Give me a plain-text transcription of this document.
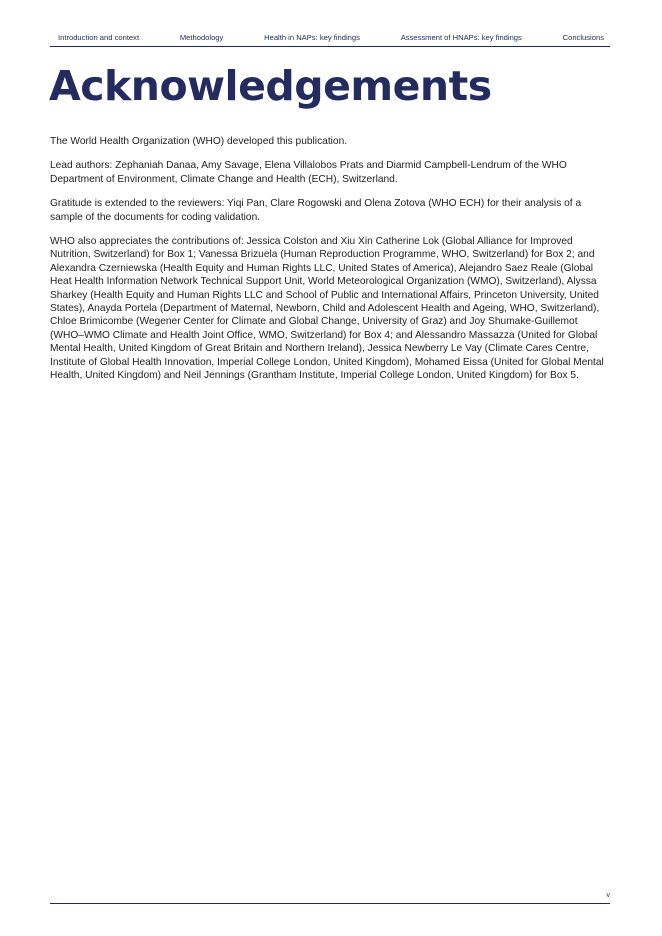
Introduction and context	Methodology	Health in NAPs: key findings	Assessment of HNAPs: key findings	Conclusions
Acknowledgements

The World Health Organization (WHO) developed this publication.

Lead authors: Zephaniah Danaa, Amy Savage, Elena Villalobos Prats and Diarmid Campbell-Lendrum of the WHO Department of Environment, Climate Change and Health (ECH), Switzerland.

Gratitude is extended to the reviewers: Yiqi Pan, Clare Rogowski and Olena Zotova (WHO ECH) for their analysis of a sample of the documents for coding validation.

WHO also appreciates the contributions of: Jessica Colston and Xiu Xin Catherine Lok (Global Alliance for Improved Nutrition, Switzerland) for Box 1; Vanessa Brizuela (Human Reproduction Programme, WHO, Switzerland) for Box 2; and Alexandra Czerniewska (Health Equity and Human Rights LLC, United States of America), Alejandro Saez Reale (Global Heat Health Information Network Technical Support Unit, World Meteorological Organization (WMO), Switzerland), Alyssa Sharkey (Health Equity and Human Rights LLC and School of Public and International Affairs, Princeton University, United States), Anayda Portela (Department of Maternal, Newborn, Child and Adolescent Health and Ageing, WHO, Switzerland), Chloe Brimicombe (Wegener Center for Climate and Global Change, University of Graz) and Joy Shumake-Guillemot (WHO–WMO Climate and Health Joint Office, WMO, Switzerland) for Box 4; and Alessandro Massazza (United for Global Mental Health, United Kingdom of Great Britain and Northern Ireland), Jessica Newberry Le Vay (Climate Cares Centre, Institute of Global Health Innovation, Imperial College London, United Kingdom), Mohamed Eissa (United for Global Mental Health, United Kingdom) and Neil Jennings (Grantham Institute, Imperial College London, United Kingdom) for Box 5.

v
